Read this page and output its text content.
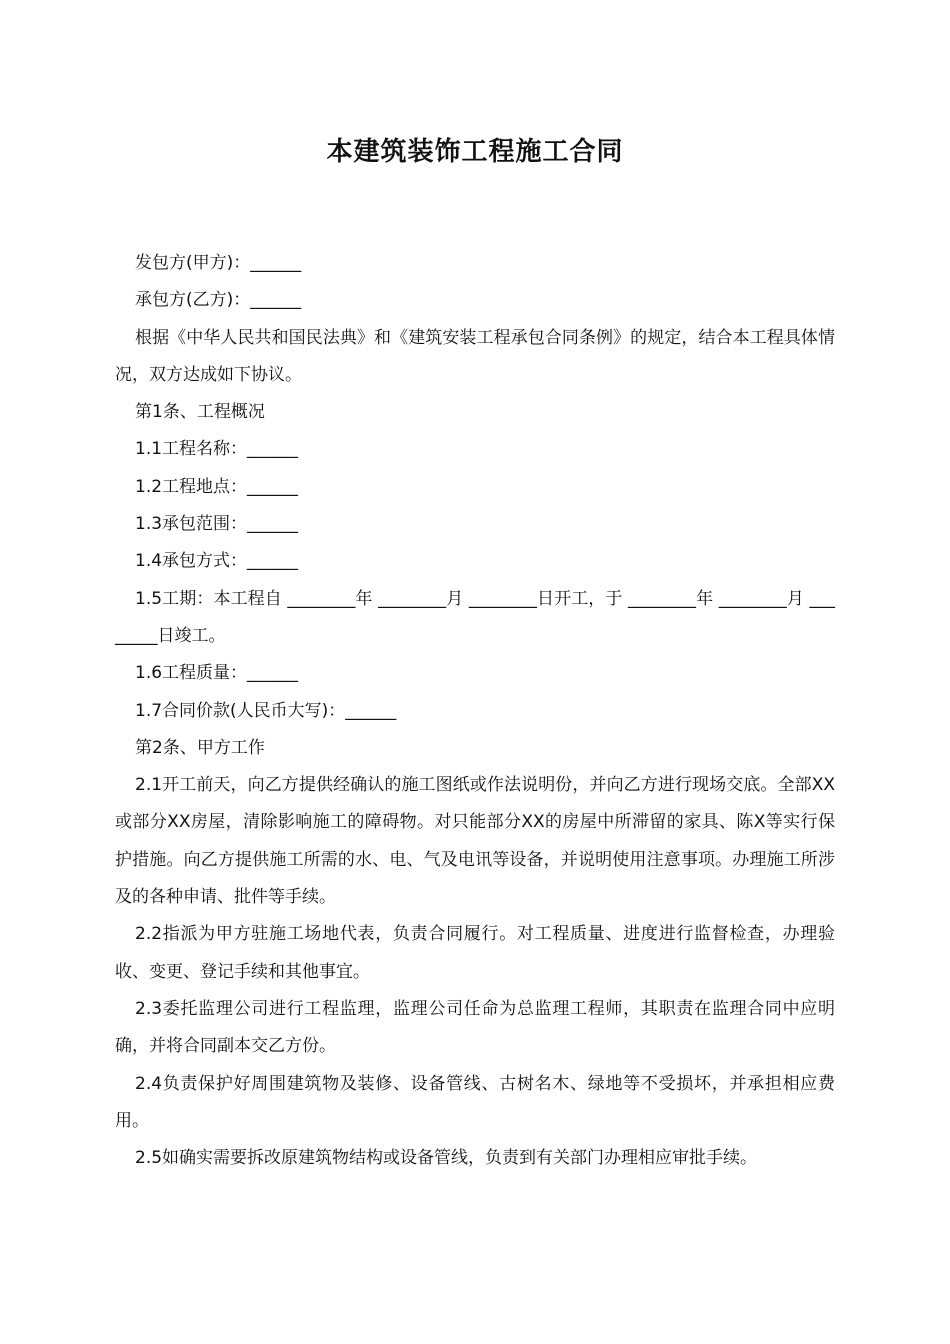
本建筑装饰工程施工合同

发包方(甲方)：______

承包方(乙方)：______

根据《中华人民共和国民法典》和《建筑安装工程承包合同条例》的规定，结合本工程具体情况，双方达成如下协议。

第1条、工程概况

1.1工程名称：______

1.2工程地点：______

1.3承包范围：______

1.4承包方式：______

1.5工期：本工程自 ________年 ________月 ________日开工，于 ________年 ________月 ________日竣工。

1.6工程质量：______

1.7合同价款(人民币大写)：______

第2条、甲方工作

2.1开工前天，向乙方提供经确认的施工图纸或作法说明份，并向乙方进行现场交底。全部XX或部分XX房屋，清除影响施工的障碍物。对只能部分XX的房屋中所滞留的家具、陈X等实行保护措施。向乙方提供施工所需的水、电、气及电讯等设备，并说明使用注意事项。办理施工所涉及的各种申请、批件等手续。

2.2指派为甲方驻施工场地代表，负责合同履行。对工程质量、进度进行监督检查，办理验收、变更、登记手续和其他事宜。

2.3委托监理公司进行工程监理，监理公司任命为总监理工程师，其职责在监理合同中应明确，并将合同副本交乙方份。

2.4负责保护好周围建筑物及装修、设备管线、古树名木、绿地等不受损坏，并承担相应费用。

2.5如确实需要拆改原建筑物结构或设备管线，负责到有关部门办理相应审批手续。
